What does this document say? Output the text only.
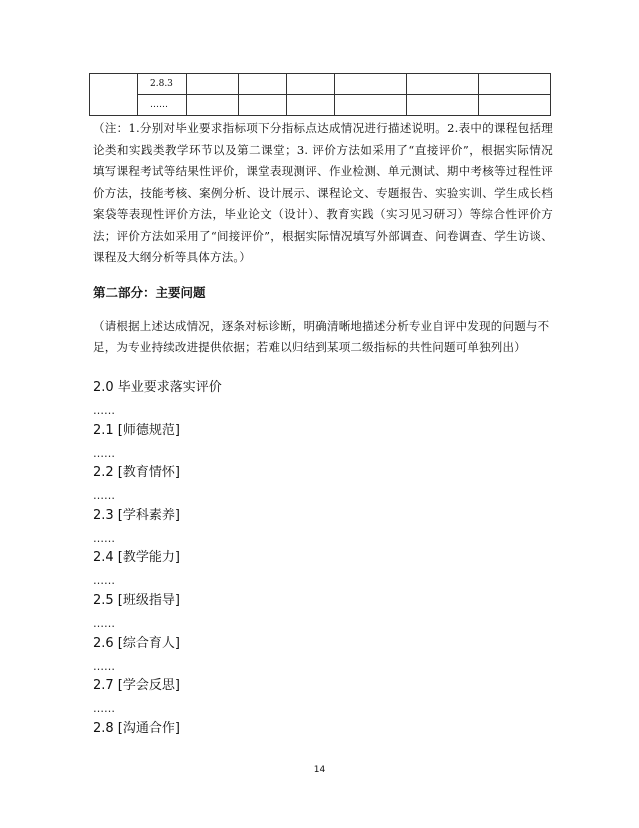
	2.8.3						
	……						

（注：1.分别对毕业要求指标项下分指标点达成情况进行描述说明。2.表中的课程包括理论类和实践类教学环节以及第二课堂；3. 评价方法如采用了“直接评价”，根据实际情况填写课程考试等结果性评价，课堂表现测评、作业检测、单元测试、期中考核等过程性评价方法，技能考核、案例分析、设计展示、课程论文、专题报告、实验实训、学生成长档案袋等表现性评价方法，毕业论文（设计）、教育实践（实习见习研习）等综合性评价方法；评价方法如采用了“间接评价”，根据实际情况填写外部调查、问卷调查、学生访谈、课程及大纲分析等具体方法。）

第二部分：主要问题

（请根据上述达成情况，逐条对标诊断，明确清晰地描述分析专业自评中发现的问题与不足，为专业持续改进提供依据；若难以归结到某项二级指标的共性问题可单独列出）

2.0 毕业要求落实评价
……
2.1 [师德规范]
……
2.2 [教育情怀]
……
2.3 [学科素养]
……
2.4 [教学能力]
……
2.5 [班级指导]
……
2.6 [综合育人]
……
2.7 [学会反思]
……
2.8 [沟通合作]
14
